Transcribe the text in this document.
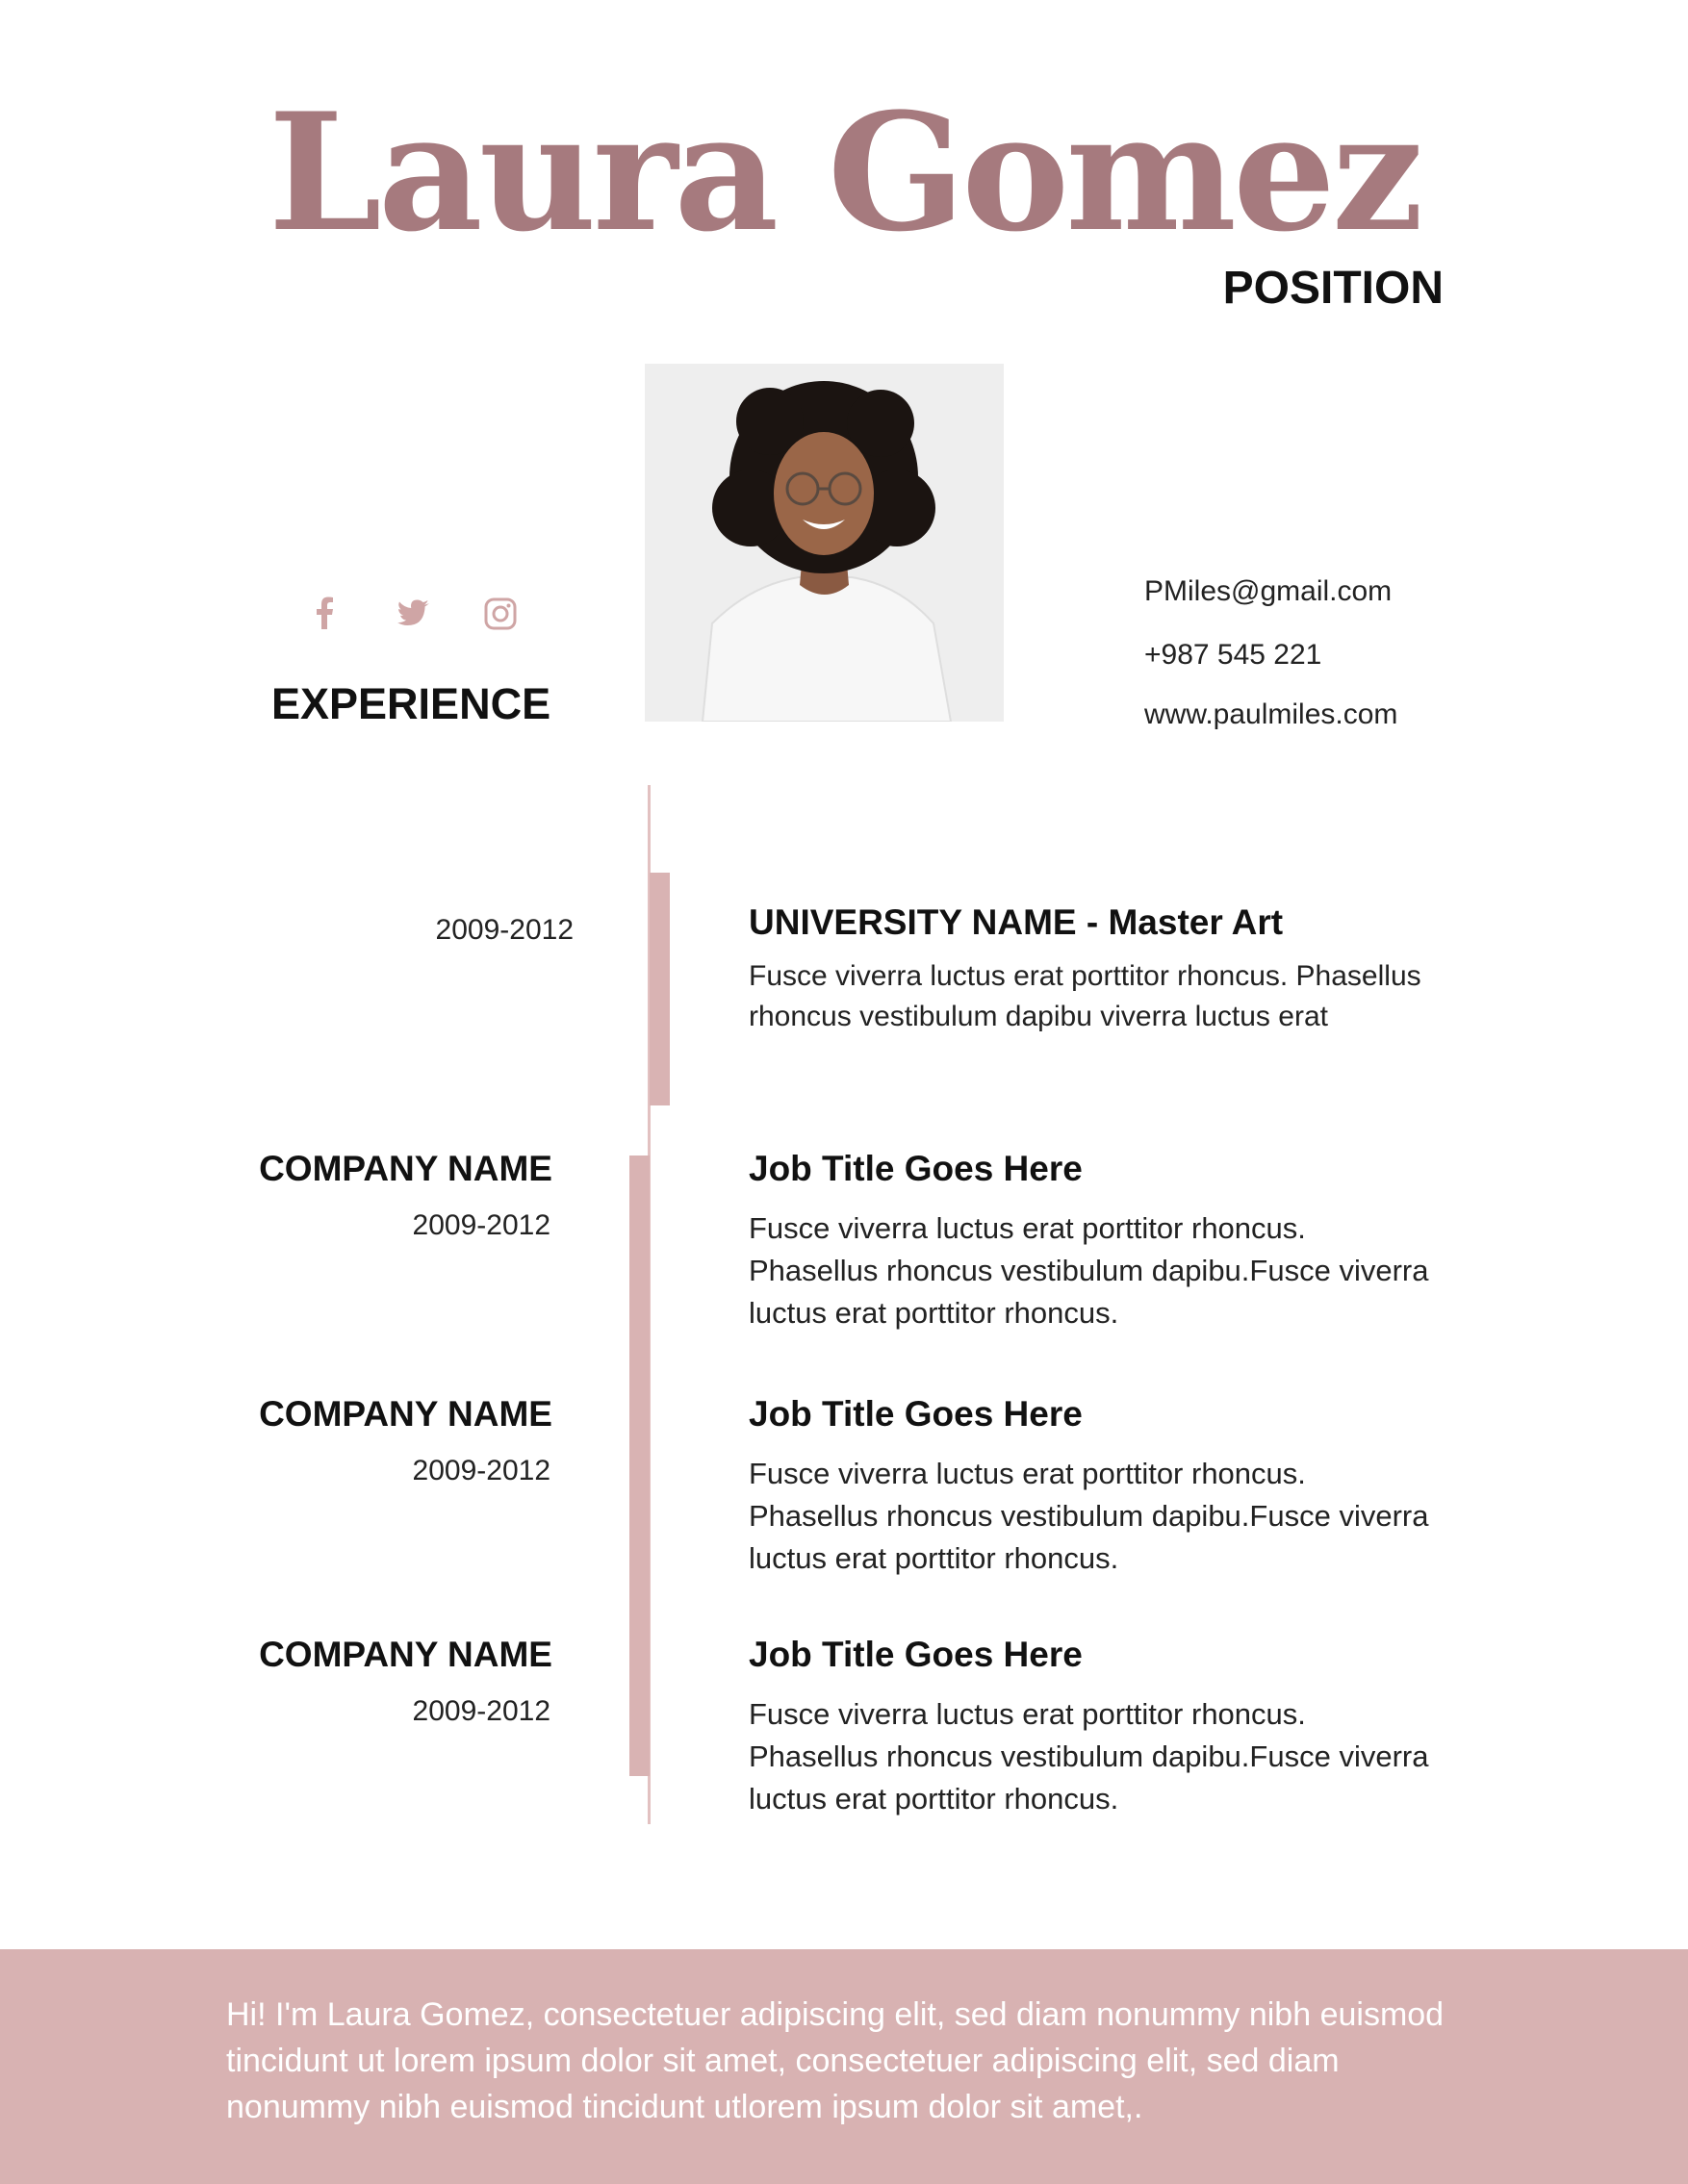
Laura Gomez
POSITION
EXPERIENCE
PMiles@gmail.com
+987 545 221
www.paulmiles.com
2009-2012	UNIVERSITY NAME - Master Art
Fusce viverra luctus erat porttitor rhoncus. Phasellus rhoncus vestibulum dapibu viverra luctus erat
COMPANY NAME
2009-2012
Job Title Goes Here
Fusce viverra luctus erat porttitor rhoncus. Phasellus rhoncus vestibulum dapibu.Fusce viverra luctus erat porttitor rhoncus.
COMPANY NAME
2009-2012
Job Title Goes Here
Fusce viverra luctus erat porttitor rhoncus. Phasellus rhoncus vestibulum dapibu.Fusce viverra luctus erat porttitor rhoncus.
COMPANY NAME
2009-2012
Job Title Goes Here
Fusce viverra luctus erat porttitor rhoncus. Phasellus rhoncus vestibulum dapibu.Fusce viverra luctus erat porttitor rhoncus.
Hi! I'm Laura Gomez, consectetuer adipiscing elit, sed diam nonummy nibh euismod tincidunt ut lorem ipsum dolor sit amet, consectetuer adipiscing elit, sed diam nonummy nibh euismod tincidunt utlorem ipsum dolor sit amet,.
